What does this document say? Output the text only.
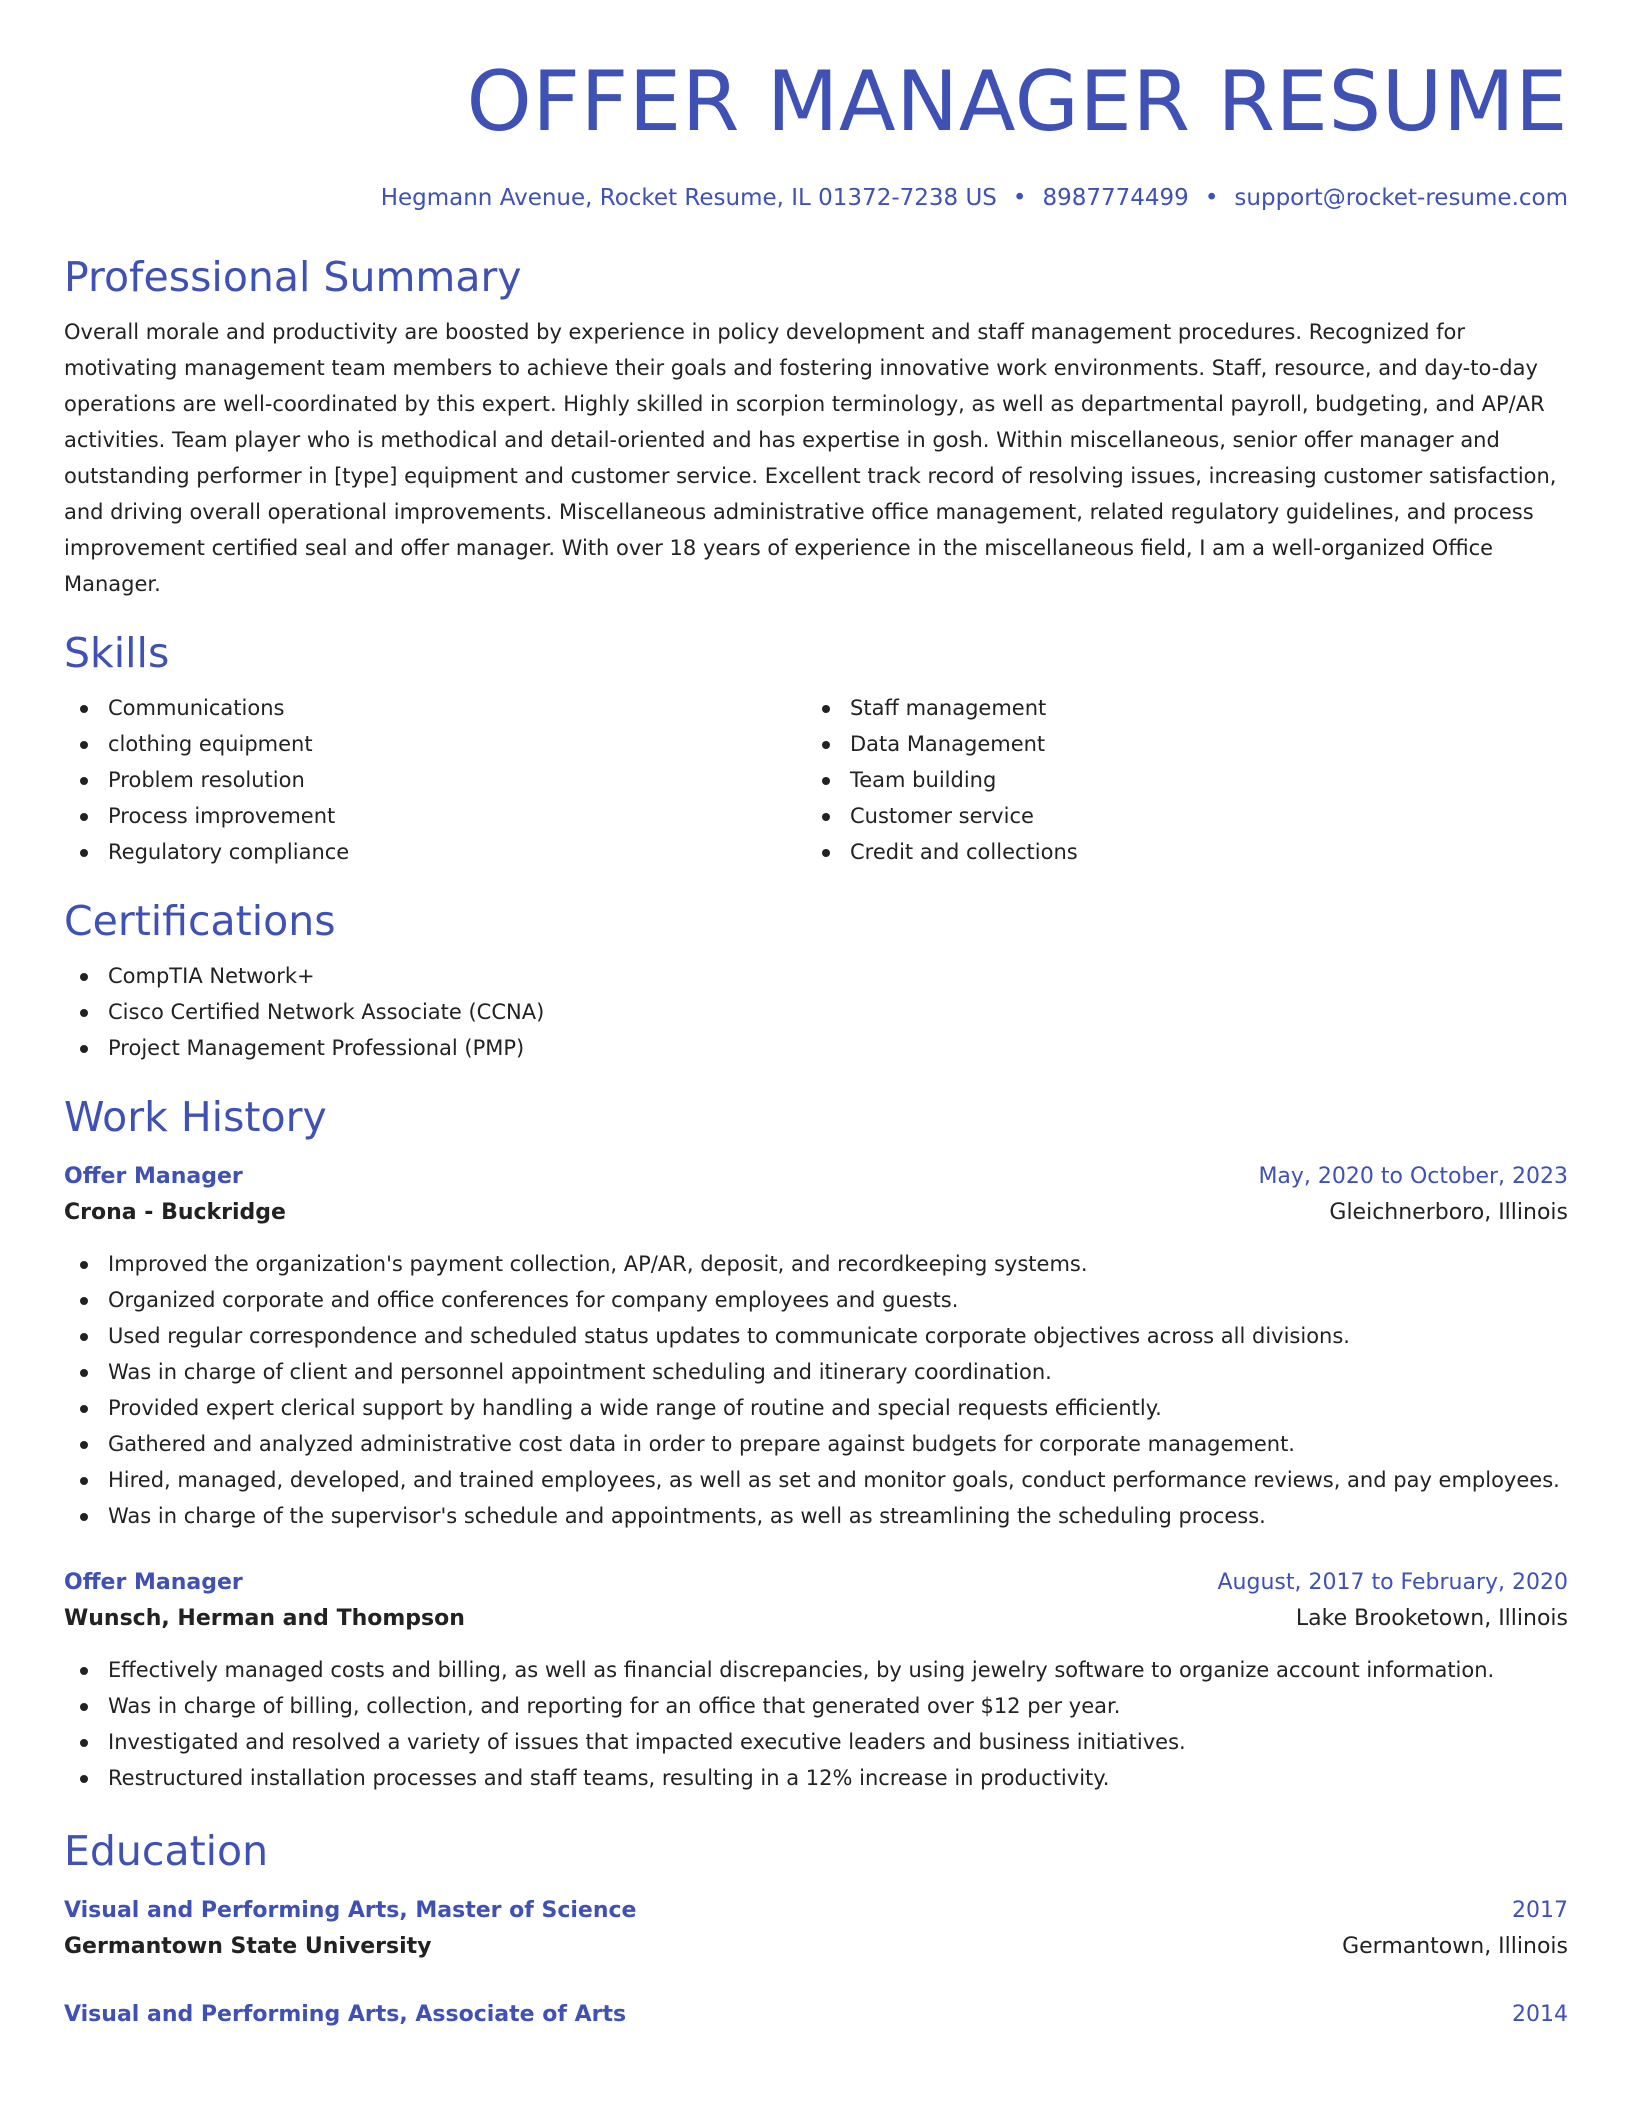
OFFER MANAGER RESUME
Hegmann Avenue, Rocket Resume, IL 01372-7238 US • 8987774499 • support@rocket-resume.com
Professional Summary

Overall morale and productivity are boosted by experience in policy development and staff management procedures. Recognized for motivating management team members to achieve their goals and fostering innovative work environments. Staff, resource, and day-to-day operations are well-coordinated by this expert. Highly skilled in scorpion terminology, as well as departmental payroll, budgeting, and AP/AR activities. Team player who is methodical and detail-oriented and has expertise in gosh. Within miscellaneous, senior offer manager and outstanding performer in [type] equipment and customer service. Excellent track record of resolving issues, increasing customer satisfaction, and driving overall operational improvements. Miscellaneous administrative office management, related regulatory guidelines, and process improvement certified seal and offer manager. With over 18 years of experience in the miscellaneous field, I am a well-organized Office Manager.

Skills
Communications
clothing equipment
Problem resolution
Process improvement
Regulatory compliance
Staff management
Data Management
Team building
Customer service
Credit and collections
Certifications
CompTIA Network+
Cisco Certified Network Associate (CCNA)
Project Management Professional (PMP)
Work History
Offer Manager	May, 2020 to October, 2023
Crona - Buckridge	Gleichnerboro, Illinois
Improved the organization's payment collection, AP/AR, deposit, and recordkeeping systems.
Organized corporate and office conferences for company employees and guests.
Used regular correspondence and scheduled status updates to communicate corporate objectives across all divisions.
Was in charge of client and personnel appointment scheduling and itinerary coordination.
Provided expert clerical support by handling a wide range of routine and special requests efficiently.
Gathered and analyzed administrative cost data in order to prepare against budgets for corporate management.
Hired, managed, developed, and trained employees, as well as set and monitor goals, conduct performance reviews, and pay employees.
Was in charge of the supervisor's schedule and appointments, as well as streamlining the scheduling process.
Offer Manager	August, 2017 to February, 2020
Wunsch, Herman and Thompson	Lake Brooketown, Illinois
Effectively managed costs and billing, as well as financial discrepancies, by using jewelry software to organize account information.
Was in charge of billing, collection, and reporting for an office that generated over $12 per year.
Investigated and resolved a variety of issues that impacted executive leaders and business initiatives.
Restructured installation processes and staff teams, resulting in a 12% increase in productivity.
Education
Visual and Performing Arts, Master of Science	2017
Germantown State University	Germantown, Illinois
Visual and Performing Arts, Associate of Arts	2014
